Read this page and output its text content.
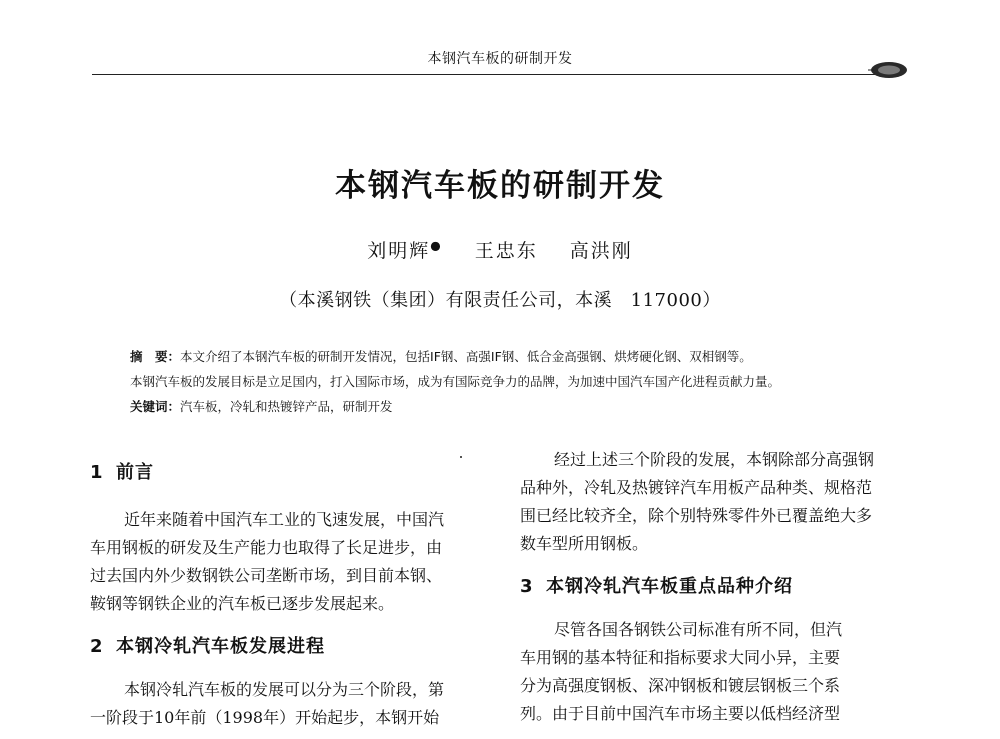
本钢汽车板的研制开发
本钢汽车板的研制开发
刘明辉● 王忠东 高洪刚
（本溪钢铁（集团）有限责任公司，本溪　117000）

摘　要：本文介绍了本钢汽车板的研制开发情况，包括IF钢、高强IF钢、低合金高强钢、烘烤硬化钢、双相钢等。

本钢汽车板的发展目标是立足国内，打入国际市场，成为有国际竞争力的品牌，为加速中国汽车国产化进程贡献力量。

关键词：汽车板，冷轧和热镀锌产品，研制开发

1 前言
近年来随着中国汽车工业的飞速发展，中国汽
车用钢板的研发及生产能力也取得了长足进步，由
过去国内外少数钢铁公司垄断市场，到目前本钢、
鞍钢等钢铁企业的汽车板已逐步发展起来。
2 本钢冷轧汽车板发展进程
本钢冷轧汽车板的发展可以分为三个阶段，第
一阶段于10年前（1998年）开始起步，本钢开始
经过上述三个阶段的发展，本钢除部分高强钢
品种外，冷轧及热镀锌汽车用板产品种类、规格范
围已经比较齐全，除个别特殊零件外已覆盖绝大多
数车型所用钢板。
3 本钢冷轧汽车板重点品种介绍
尽管各国各钢铁公司标准有所不同，但汽
车用钢的基本特征和指标要求大同小异，主要
分为高强度钢板、深冲钢板和镀层钢板三个系
列。由于目前中国汽车市场主要以低档经济型
